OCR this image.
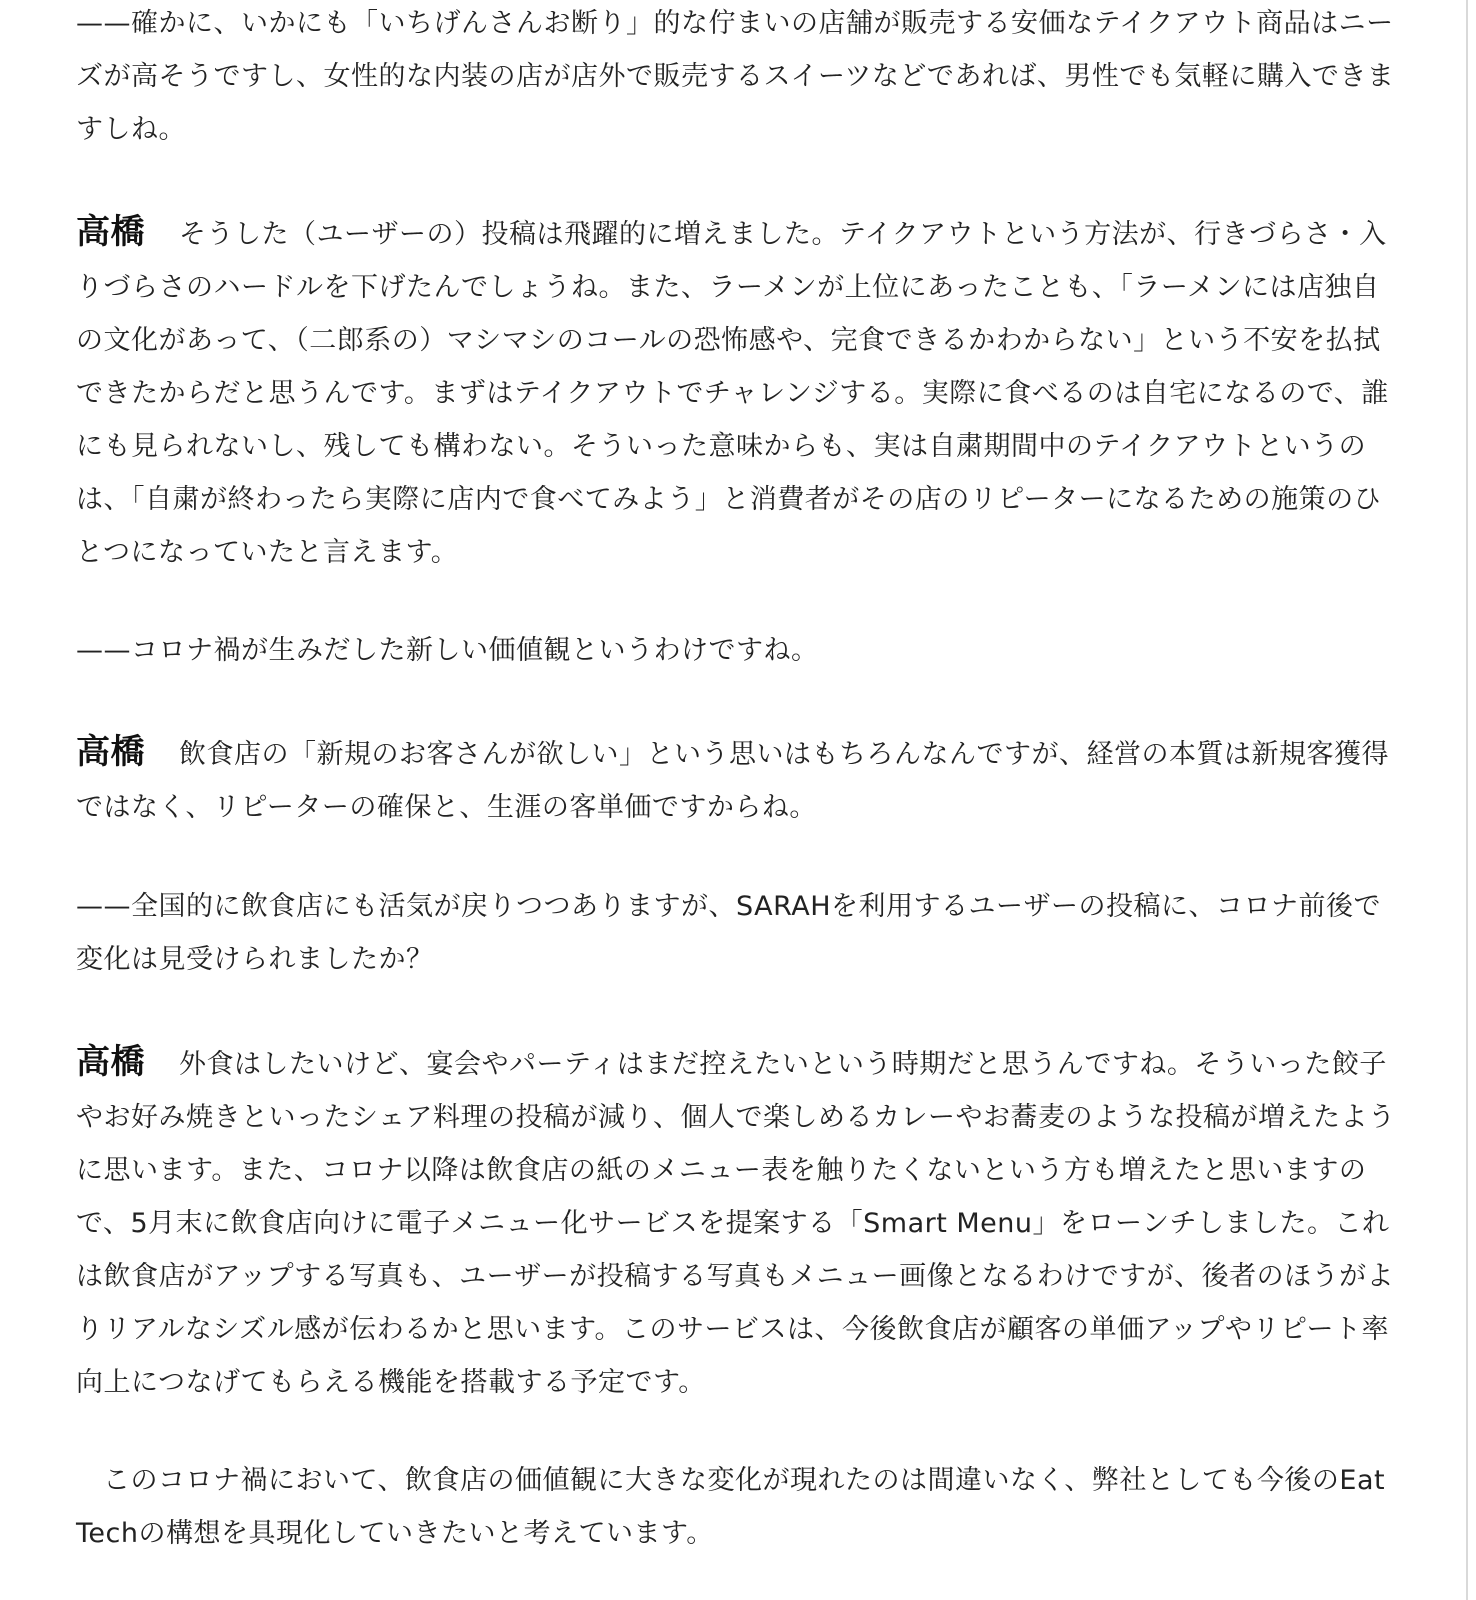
——確かに、いかにも「いちげんさんお断り」的な佇まいの店舗が販売する安価なテイクアウト商品はニーズが高そうですし、女性的な内装の店が店外で販売するスイーツなどであれば、男性でも気軽に購入できますしね。

高橋 そうした（ユーザーの）投稿は飛躍的に増えました。テイクアウトという方法が、行きづらさ・入りづらさのハードルを下げたんでしょうね。また、ラーメンが上位にあったことも、「ラーメンには店独自の文化があって、（二郎系の）マシマシのコールの恐怖感や、完食できるかわからない」という不安を払拭できたからだと思うんです。まずはテイクアウトでチャレンジする。実際に食べるのは自宅になるので、誰にも見られないし、残しても構わない。そういった意味からも、実は自粛期間中のテイクアウトというのは、「自粛が終わったら実際に店内で食べてみよう」と消費者がその店のリピーターになるための施策のひとつになっていたと言えます。

——コロナ禍が生みだした新しい価値観というわけですね。

高橋 飲食店の「新規のお客さんが欲しい」という思いはもちろんなんですが、経営の本質は新規客獲得ではなく、リピーターの確保と、生涯の客単価ですからね。

——全国的に飲食店にも活気が戻りつつありますが、SARAHを利用するユーザーの投稿に、コロナ前後で変化は見受けられましたか？

高橋 外食はしたいけど、宴会やパーティはまだ控えたいという時期だと思うんですね。そういった餃子やお好み焼きといったシェア料理の投稿が減り、個人で楽しめるカレーやお蕎麦のような投稿が増えたように思います。また、コロナ以降は飲食店の紙のメニュー表を触りたくないという方も増えたと思いますので、5月末に飲食店向けに電子メニュー化サービスを提案する「Smart Menu」をローンチしました。これは飲食店がアップする写真も、ユーザーが投稿する写真もメニュー画像となるわけですが、後者のほうがよりリアルなシズル感が伝わるかと思います。このサービスは、今後飲食店が顧客の単価アップやリピート率向上につなげてもらえる機能を搭載する予定です。

このコロナ禍において、飲食店の価値観に大きな変化が現れたのは間違いなく、弊社としても今後のEat Techの構想を具現化していきたいと考えています。
